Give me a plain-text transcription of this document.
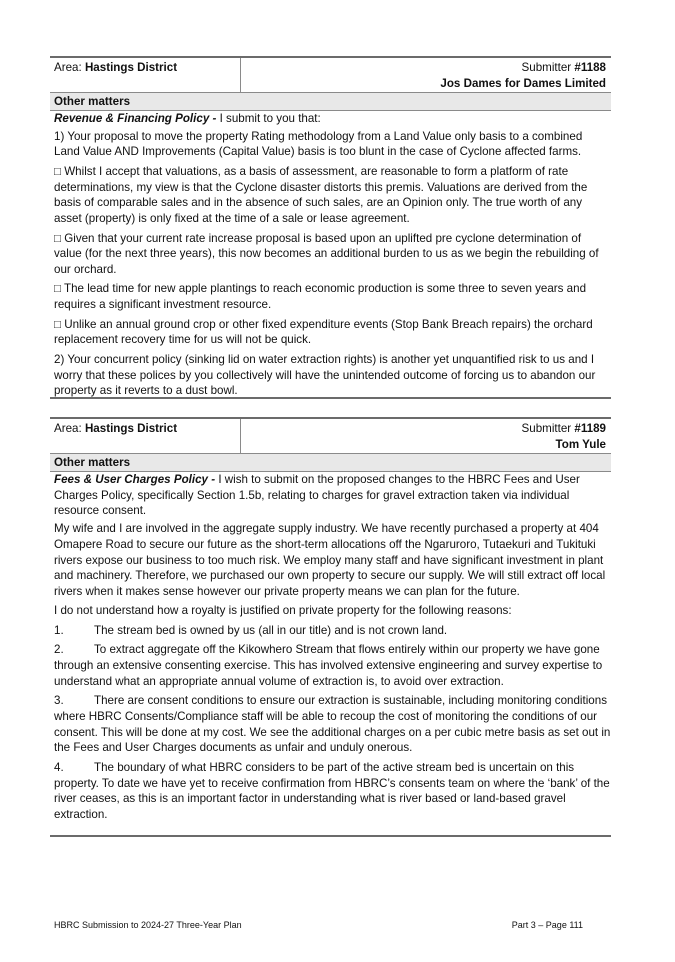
Area: Hastings District	Submitter #1188
Jos Dames for Dames Limited
Other matters

Revenue & Financing Policy - I submit to you that:

1) Your proposal to move the property Rating methodology from a Land Value only basis to a combined Land Value AND Improvements (Capital Value) basis is too blunt in the case of Cyclone affected farms.

□ Whilst I accept that valuations, as a basis of assessment, are reasonable to form a platform of rate determinations, my view is that the Cyclone disaster distorts this premis. Valuations are derived from the basis of comparable sales and in the absence of such sales, are an Opinion only. The true worth of any asset (property) is only fixed at the time of a sale or lease agreement.

□ Given that your current rate increase proposal is based upon an uplifted pre cyclone determination of value (for the next three years), this now becomes an additional burden to us as we begin the rebuilding of our orchard.

□ The lead time for new apple plantings to reach economic production is some three to seven years and requires a significant investment resource.

□ Unlike an annual ground crop or other fixed expenditure events (Stop Bank Breach repairs) the orchard replacement recovery time for us will not be quick.

2) Your concurrent policy (sinking lid on water extraction rights) is another yet unquantified risk to us and I worry that these polices by you collectively will have the unintended outcome of forcing us to abandon our property as it reverts to a dust bowl.

Area: Hastings District	Submitter #1189
Tom Yule
Other matters

Fees & User Charges Policy - I wish to submit on the proposed changes to the HBRC Fees and User Charges Policy, specifically Section 1.5b, relating to charges for gravel extraction taken via individual resource consent.

My wife and I are involved in the aggregate supply industry. We have recently purchased a property at 404 Omapere Road to secure our future as the short-term allocations off the Ngaruroro, Tutaekuri and Tukituki rivers expose our business to too much risk. We employ many staff and have significant investment in plant and machinery. Therefore, we purchased our own property to secure our supply. We will still extract off local rivers when it makes sense however our private property means we can plan for the future.

I do not understand how a royalty is justified on private property for the following reasons:

1.	The stream bed is owned by us (all in our title) and is not crown land.

2.	To extract aggregate off the Kikowhero Stream that flows entirely within our property we have gone through an extensive consenting exercise. This has involved extensive engineering and survey expertise to understand what an appropriate annual volume of extraction is, to avoid over extraction.

3.	There are consent conditions to ensure our extraction is sustainable, including monitoring conditions where HBRC Consents/Compliance staff will be able to recoup the cost of monitoring the conditions of our consent. This will be done at my cost. We see the additional charges on a per cubic metre basis as set out in the Fees and User Charges documents as unfair and unduly onerous.

4.	The boundary of what HBRC considers to be part of the active stream bed is uncertain on this property. To date we have yet to receive confirmation from HBRC’s consents team on where the ‘bank’ of the river ceases, as this is an important factor in understanding what is river based or land-based gravel extraction.

HBRC Submission to 2024-27 Three-Year Plan	Part 3 – Page 111
